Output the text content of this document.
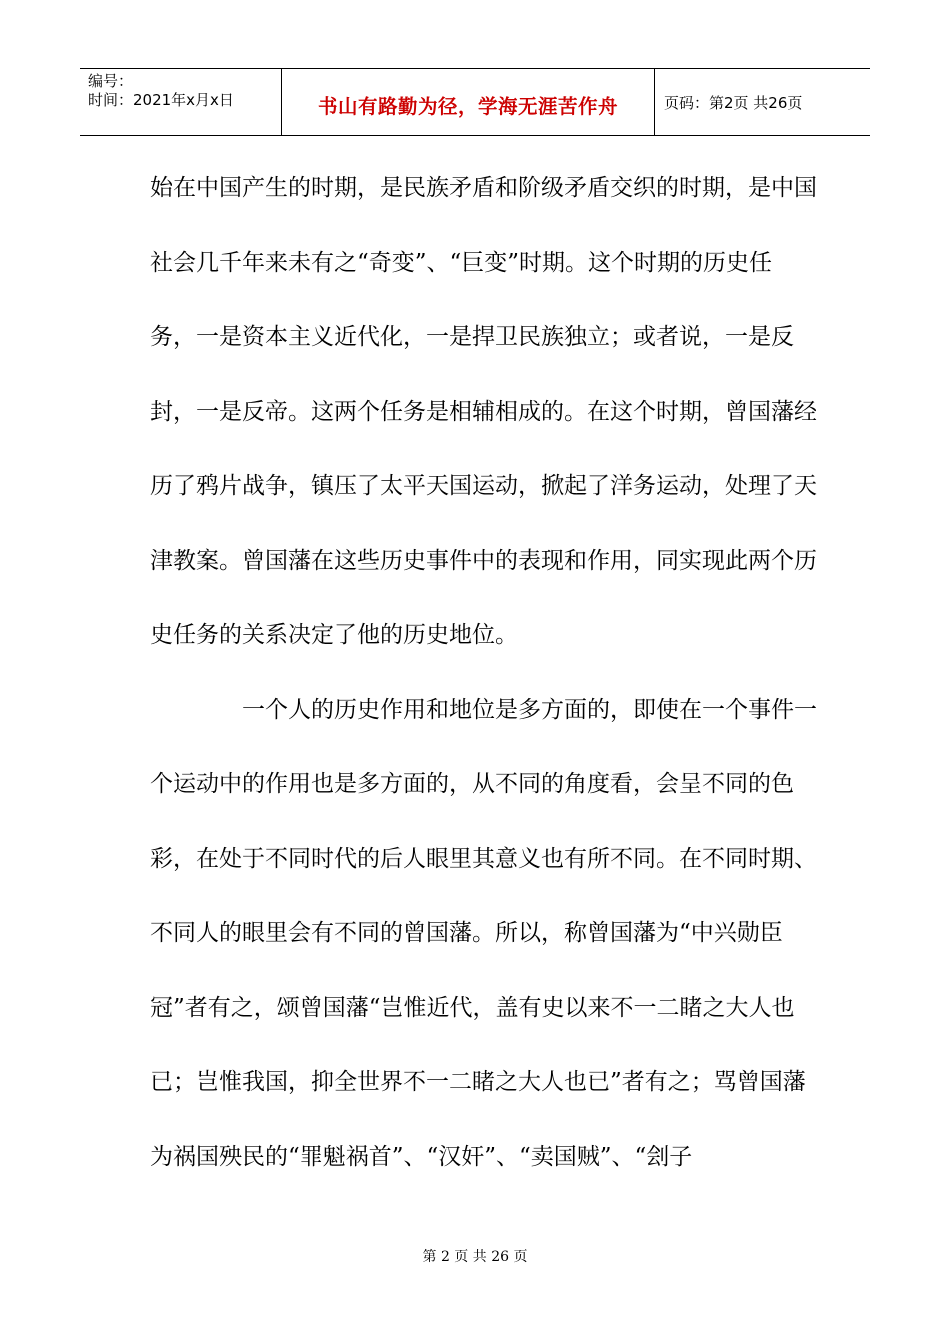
编号：
时间：2021年x月x日	书山有路勤为径，学海无涯苦作舟	页码：第2页 共26页
始在中国产生的时期，是民族矛盾和阶级矛盾交织的时期，是中国
社会几千年来未有之“奇变”、“巨变”时期。这个时期的历史任
务，一是资本主义近代化，一是捍卫民族独立；或者说，一是反
封，一是反帝。这两个任务是相辅相成的。在这个时期，曾国藩经
历了鸦片战争，镇压了太平天国运动，掀起了洋务运动，处理了天
津教案。曾国藩在这些历史事件中的表现和作用，同实现此两个历
史任务的关系决定了他的历史地位。
一个人的历史作用和地位是多方面的，即使在一个事件一
个运动中的作用也是多方面的，从不同的角度看，会呈不同的色
彩，在处于不同时代的后人眼里其意义也有所不同。在不同时期、
不同人的眼里会有不同的曾国藩。所以，称曾国藩为“中兴勋臣
冠”者有之，颂曾国藩“岂惟近代，盖有史以来不一二睹之大人也
已；岂惟我国，抑全世界不一二睹之大人也已”者有之；骂曾国藩
为祸国殃民的“罪魁祸首”、“汉奸”、“卖国贼”、“刽子
第 2 页 共 26 页
